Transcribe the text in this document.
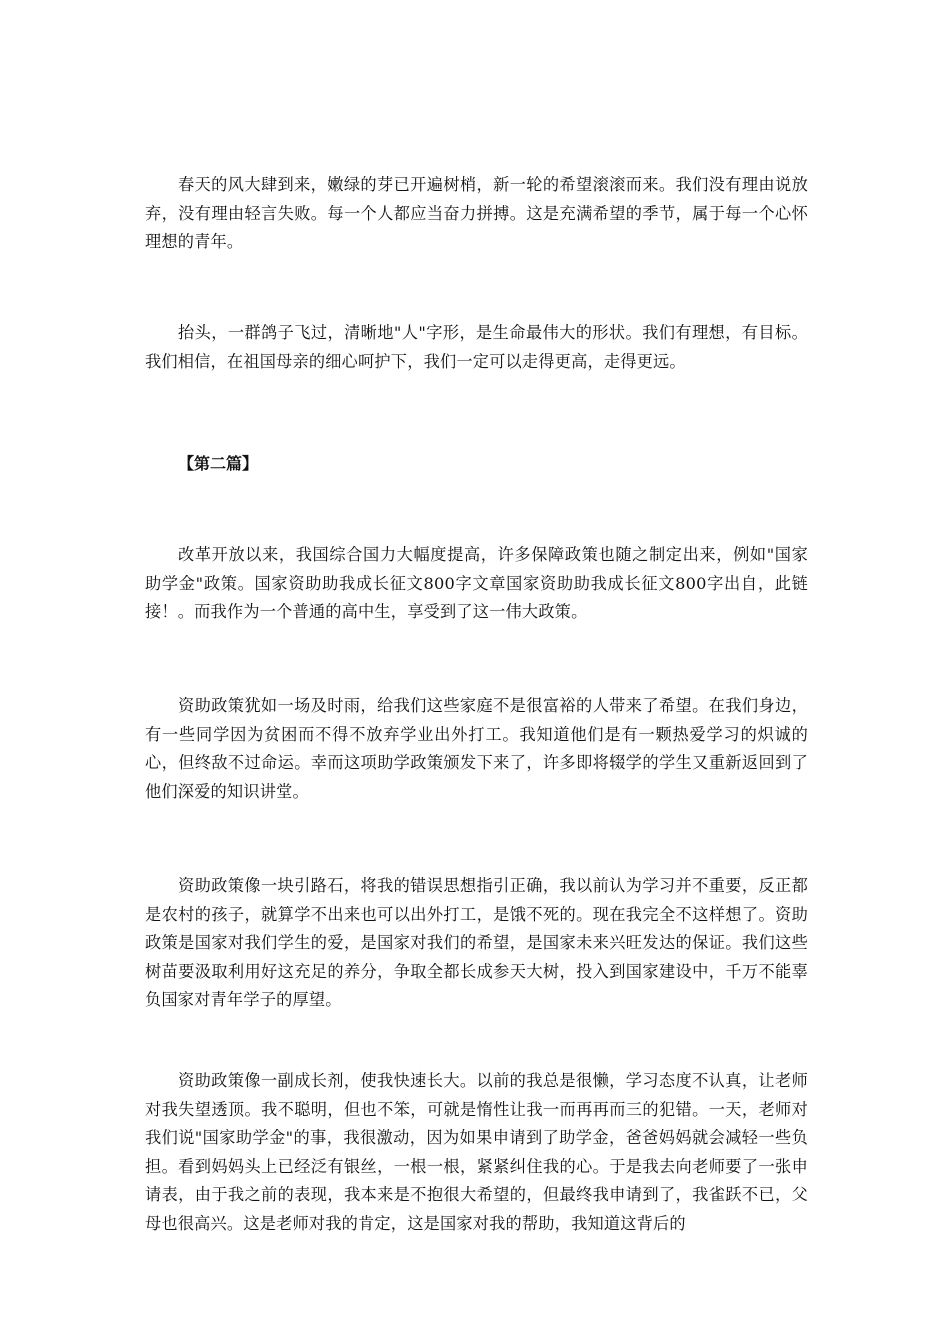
春天的风大肆到来，嫩绿的芽已开遍树梢，新一轮的希望滚滚而来。我们没有理由说放弃，没有理由轻言失败。每一个人都应当奋力拼搏。这是充满希望的季节，属于每一个心怀理想的青年。

抬头，一群鸽子飞过，清晰地"人"字形，是生命最伟大的形状。我们有理想，有目标。我们相信，在祖国母亲的细心呵护下，我们一定可以走得更高，走得更远。

【第二篇】

改革开放以来，我国综合国力大幅度提高，许多保障政策也随之制定出来，例如"国家助学金"政策。国家资助助我成长征文800字文章国家资助助我成长征文800字出自，此链接！。而我作为一个普通的高中生，享受到了这一伟大政策。

资助政策犹如一场及时雨，给我们这些家庭不是很富裕的人带来了希望。在我们身边，有一些同学因为贫困而不得不放弃学业出外打工。我知道他们是有一颗热爱学习的炽诚的心，但终敌不过命运。幸而这项助学政策颁发下来了，许多即将辍学的学生又重新返回到了他们深爱的知识讲堂。

资助政策像一块引路石，将我的错误思想指引正确，我以前认为学习并不重要，反正都是农村的孩子，就算学不出来也可以出外打工，是饿不死的。现在我完全不这样想了。资助政策是国家对我们学生的爱，是国家对我们的希望，是国家未来兴旺发达的保证。我们这些树苗要汲取利用好这充足的养分，争取全都长成参天大树，投入到国家建设中，千万不能辜负国家对青年学子的厚望。

资助政策像一副成长剂，使我快速长大。以前的我总是很懒，学习态度不认真，让老师对我失望透顶。我不聪明，但也不笨，可就是惰性让我一而再再而三的犯错。一天，老师对我们说"国家助学金"的事，我很激动，因为如果申请到了助学金，爸爸妈妈就会减轻一些负担。看到妈妈头上已经泛有银丝，一根一根，紧紧纠住我的心。于是我去向老师要了一张申请表，由于我之前的表现，我本来是不抱很大希望的，但最终我申请到了，我雀跃不已，父母也很高兴。这是老师对我的肯定，这是国家对我的帮助，我知道这背后的
